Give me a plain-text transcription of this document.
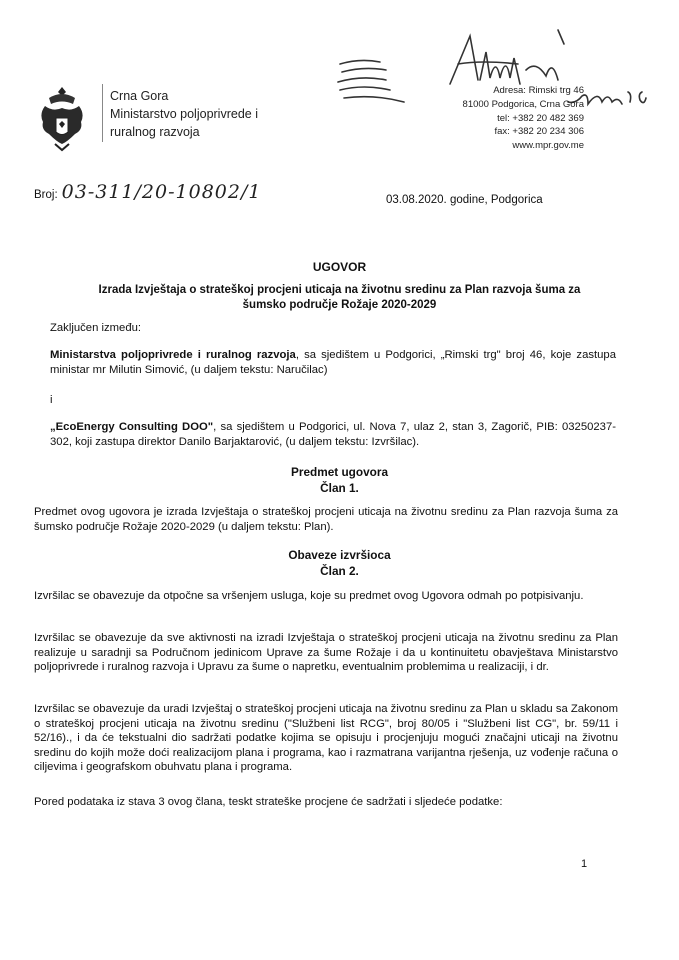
Crna Gora
Ministarstvo poljoprivrede i
ruralnog razvoja
Adresa: Rimski trg 46
81000 Podgorica, Crna Gora
tel: +382 20 482 369
fax: +382 20 234 306
www.mpr.gov.me
Broj: 03-311/20-10802/1	03.08.2020. godine, Podgorica
UGOVOR
Izrada Izvještaja o strateškoj procjeni uticaja na životnu sredinu za Plan razvoja šuma za
šumsko područje Rožaje 2020-2029
Zaključen između:
Ministarstva poljoprivrede i ruralnog razvoja, sa sjedištem u Podgorici, „Rimski trg" broj 46, koje zastupa ministar mr Milutin Simović, (u daljem tekstu: Naručilac)
i
„EcoEnergy Consulting DOO", sa sjedištem u Podgorici, ul. Nova 7, ulaz 2, stan 3, Zagorič, PIB: 03250237-302, koji zastupa direktor Danilo Barjaktarović, (u daljem tekstu: Izvršilac).
Predmet ugovora
Član 1.
Predmet ovog ugovora je izrada Izvještaja o strateškoj procjeni uticaja na životnu sredinu za Plan razvoja šuma za šumsko područje Rožaje 2020-2029 (u daljem tekstu: Plan).
Obaveze izvršioca
Član 2.
Izvršilac se obavezuje da otpočne sa vršenjem usluga, koje su predmet ovog Ugovora odmah po potpisivanju.
Izvršilac se obavezuje da sve aktivnosti na izradi Izvještaja o strateškoj procjeni uticaja na životnu sredinu za Plan realizuje u saradnji sa Područnom jedinicom Uprave za šume Rožaje i da u kontinuitetu obavještava Ministarstvo poljoprivrede i ruralnog razvoja i Upravu za šume o napretku, eventualnim problemima u realizaciji, i dr.
Izvršilac se obavezuje da uradi Izvještaj o strateškoj procjeni uticaja na životnu sredinu za Plan u skladu sa Zakonom o strateškoj procjeni uticaja na životnu sredinu ("Službeni list RCG", broj 80/05 i "Službeni list CG", br. 59/11 i 52/16)., i da će tekstualni dio sadržati podatke kojima se opisuju i procjenjuju mogući značajni uticaji na životnu sredinu do kojih može doći realizacijom plana i programa, kao i razmatrana varijantna rješenja, uz vođenje računa o ciljevima i geografskom obuhvatu plana i programa.
Pored podataka iz stava 3 ovog člana, teskt strateške procjene će sadržati i sljedeće podatke:
1
